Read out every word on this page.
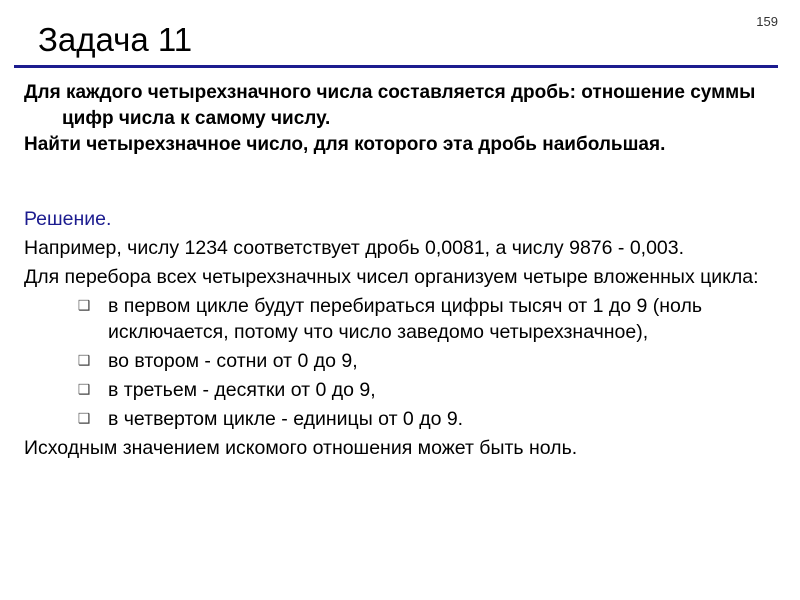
159
Задача 11

Для каждого четырехзначного числа составляется дробь: отношение суммы цифр числа к самому числу.

Найти четырехзначное число, для которого эта дробь наибольшая.

Решение.

Например, числу 1234 соответствует дробь 0,0081, а числу 9876 - 0,003.

Для перебора всех четырехзначных чисел организуем четыре вложенных цикла:

❑ в первом цикле будут перебираться цифры тысяч от 1 до 9 (ноль исключается, потому что число заведомо четырехзначное),
❑ во втором - сотни от 0 до 9,
❑ в третьем - десятки от 0 до 9,
❑ в четвертом цикле - единицы от 0 до 9.

Исходным значением искомого отношения может быть ноль.
